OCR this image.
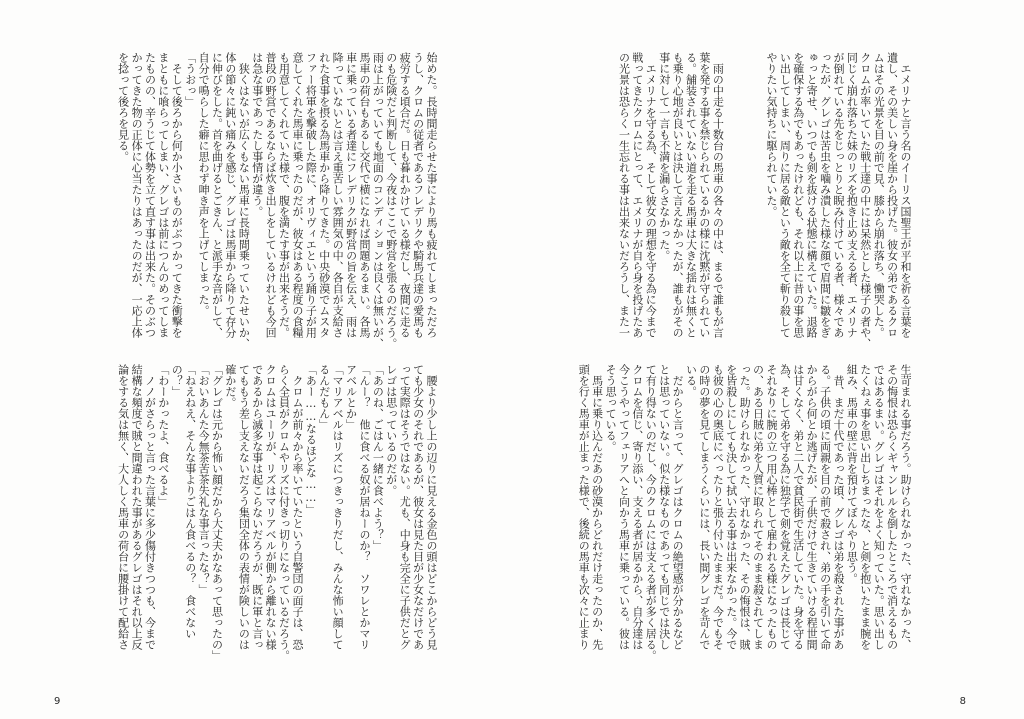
始めた。長時間走らせた事により馬も疲れてしまっただろ
うし、クロムの従者であるフレデリクや騎馬兵達の愛馬も
疲労する頃合だ。日も暮れかけている様だし、夜間に走る
のも危険だと判断して、今夜はここで野営を張るのだろう。
雨は上がっていても地面のコンディションは良くは無いが、
馬車の荷台もあるし交代で横になれば問題あるまい。各馬
車に乗っている者達にフレデリクが野営の旨を伝え、雨は
降っていないとは言え重苦しい雰囲気の中、各自が支給さ
れた食事を摂る為馬車から降りてきた。中央砂漠でムスタ
ファー将軍を撃破した際に、オリヴィエという踊り子が用
意してくれた馬車に乗ったのだが、彼女はある程度の食糧
も用意してくれていた様で、腹を満たす事が出来そうだ。
普段の野営であるならば炊き出しをしているけれども今回
は急な事であったし事情が違う。
　狭くはないが広くもない馬車に長時間乗っていたせいか、
体の節々に鈍い痛みを感じ、グレゴは馬車から降りて存分
に伸びをした。首を曲げるとごきん、と派手な音がして、
自分で鳴らした癖に思わず呻き声を上げてしまった。
「うおっ」
　そして後ろから何か小さいものがぶつかってきた衝撃を
まともに喰らってしまい、グレゴは前につんのめってしま
たものの、辛うじて体勢を立て直す事は出来た。そのぶつ
かってきた物の正体に心当たりはあったのだが、一応上体
を捻って後ろを見る。
　腰より少し上の辺りに見える金色の頭はどこからどう見
ても少女のそれであるが、彼女は見た目が少女なだけであ
って実際はそうではない。尤も、中身も完全に子供だとグ
レゴは思っているのだが。
「あのね、ごはん一緒に食べよう？」
「んー？　他に食べる奴が居ねーのか？　ソワレとかマリ
アベルとか」
「マリアベルはリズにつきっきりだし、みんな怖い顔して
るんだもん」
「あー……なるほどな……」
　クロムが前々から率いていたという自警団の面子は、恐
らく全員がクロムやリズに付きっ切りになっているだろう。
クロムはユーリが、リズはマリアベルが側から離れない様
であるから滅多な事は起こらないだろうが、既に軍と言っ
てももう差し支えないだろう集団全体の表情が険しいのは
確かだ。
「グレゴは元から怖い顔だから大丈夫かなあって思ったの」
「おいあんた今無茶苦茶失礼な事言ったな？」
「ねえねえ、そんな事よりごはん食べるの？　食べない
の？」
「わーかったよ、食べるよ」
　ノノがさらっと言った言葉に多少傷付きつつも、今まで
結構な頻度で賊と間違われた事があるグレゴはそれ以上反
論をする気は無く、大人しく馬車の荷台に腰掛けて配給さ
9
　エメリナと言う名のイーリス国聖王が平和を祈る言葉を
遺し、その美しい身を崖から投げた。彼女の弟であるクロ
ムはその光景を目の前で見、膝から崩れ落ち、慟哭した。
クロムが率いていた戦士達の中には呆然とした様子の者や、
同じく崩れ落ちた妹のリズを抱き止め支える者、エメリナ
が倒れている先をじっとりと睨み付けている者、様々であ
ったが、グレゴは苦虫を噛み潰した様な顔で眉間に皺をぎ
ゅっと寄せ、いつでも剣を抜ける状態に構えていた。退路
を確保する為でもあったけれども、それ以上に昔の事を思
い出してしまい、周りに居る敵という敵を全て斬り殺して
やりたい気持ちに駆られていた。

　雨の中走る十数台の馬車の各々の中は、まるで誰もが言
葉を発する事を禁じられているかの様に沈黙が守られてい
る。舗装されていない道を走る馬車は大きな揺れは無くと
も乗り心地が良いとは決して言えなかったが、誰もがその
事に対して一言も不満を漏らさなかった。
　エメリナを守る為、そして彼女の理想を守る為に今まで
戦ってきたクロムにとって、エメリナが自ら身を投げたあ
の光景は恐らく一生忘れる事は出来ないだろうし、また一
生苛まれる事だろう。助けられなかった、守れなかった、
その悔恨は恐らくギャンレルを倒したところで消えるもの
ではあるまい。グレゴはそれをよく知っていた。思い出し
たくねぇ事を思い出しちまったな、と剣を抱いたまま腕を
組み、馬車の壁に背を預けてぼんやり思う。
　昔、まだ十代であった頃、グレゴは弟を殺された事があ
る。子供の頃に両親を目の前で殺され、弟の手を引いて命
からがら何とか逃げたが、子供だけで生きていける程世間
は甘くなく、弟と二人で貧民街で生活していた。身を守る
為、そして弟を守る為に独学で剣を覚えたグレゴは長じて
それなりに腕の立つ用心棒として雇われる様になったもの
の、ある日賊に弟を人質に取られてそのまま殺されてしま
った。助けられなかった、守れなかった、その悔恨は、賊
を皆殺しにしても決して拭い去る事は出来なかった。今で
も彼の心の奥底にべったりと張り付いたままだ。今でもそ
の時の夢を見てしまうくらいには、長い間グレゴを苛んで
いる。
　だからと言って、グレゴはクロムの絶望感が分かるなど
とは思っていない。似た様なものであっても同じでは決し
て有り得ないのだし、今のクロムには支える者が多く居る。
クロムを信じ、寄り添い、支える者が居るから、自分達は
今こうやってフェリアへと向かう馬車に乗っている。彼は
そう思っている。
　馬車に乗り込んだあの砂漠からどれだけ走ったのか、先
頭を行く馬車が止まった様で、後続の馬車も次々に止まり
8
